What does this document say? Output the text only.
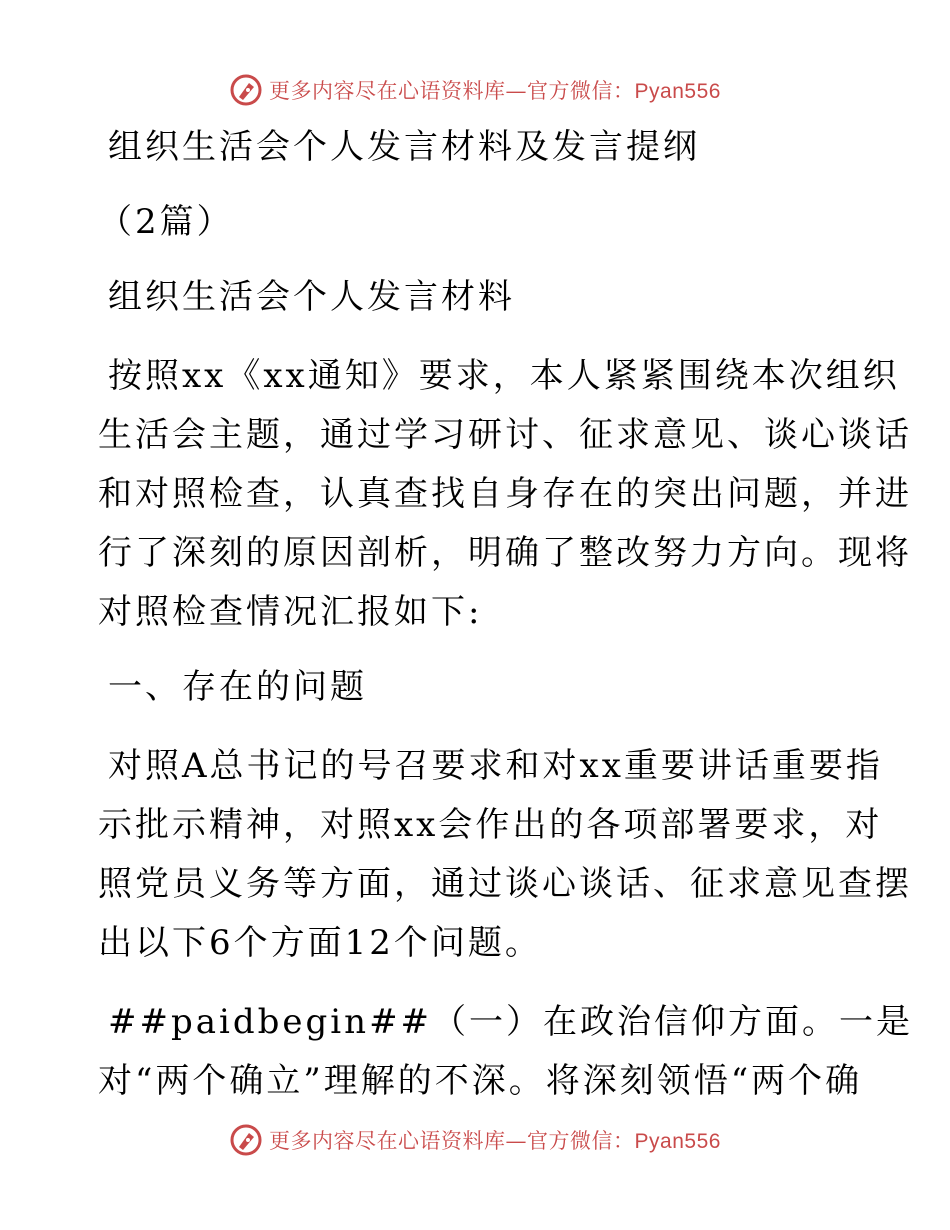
更多内容尽在心语资料库—官方微信：Pyan556
组织生活会个人发言材料及发言提纲
（2篇）
组织生活会个人发言材料
按照xx《xx通知》要求，本人紧紧围绕本次组织
生活会主题，通过学习研讨、征求意见、谈心谈话
和对照检查，认真查找自身存在的突出问题，并进
行了深刻的原因剖析，明确了整改努力方向。现将
对照检查情况汇报如下:
一、存在的问题
对照A总书记的号召要求和对xx重要讲话重要指
示批示精神，对照xx会作出的各项部署要求，对
照党员义务等方面，通过谈心谈话、征求意见查摆
出以下6个方面12个问题。
##paidbegin##（一）在政治信仰方面。一是
对“两个确立”理解的不深。将深刻领悟“两个确
更多内容尽在心语资料库—官方微信：Pyan556
